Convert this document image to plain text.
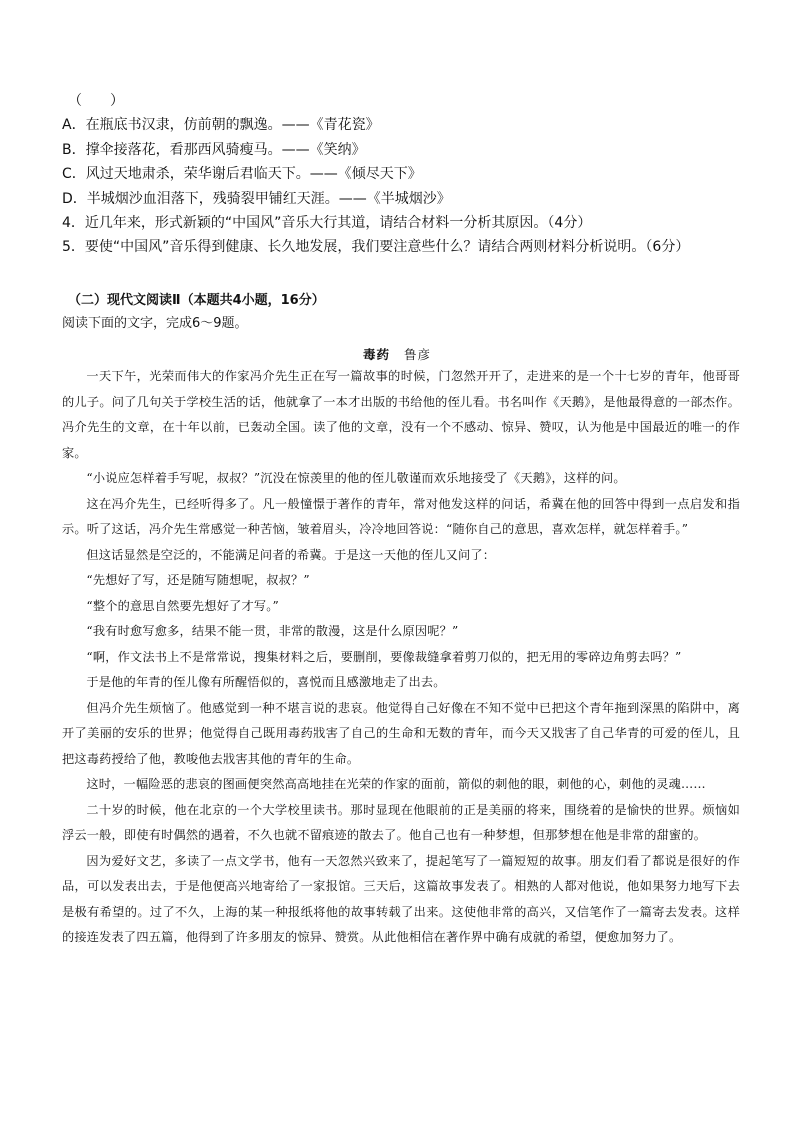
（　　）

A．在瓶底书汉隶，仿前朝的飘逸。——《青花瓷》

B．撑伞接落花，看那西风骑瘦马。——《笑纳》

C．风过天地肃杀，荣华谢后君临天下。——《倾尽天下》

D．半城烟沙血泪落下，残骑裂甲铺红天涯。——《半城烟沙》

4．近几年来，形式新颖的“中国风”音乐大行其道，请结合材料一分析其原因。（4分）

5．要使“中国风”音乐得到健康、长久地发展，我们要注意些什么？请结合两则材料分析说明。（6分）

（二）现代文阅读Ⅱ（本题共4小题，16分）

阅读下面的文字，完成6～9题。

毒药 鲁彦

一天下午，光荣而伟大的作家冯介先生正在写一篇故事的时候，门忽然开开了，走进来的是一个十七岁的青年，他哥哥的儿子。问了几句关于学校生活的话，他就拿了一本才出版的书给他的侄儿看。书名叫作《天鹅》，是他最得意的一部杰作。冯介先生的文章，在十年以前，已轰动全国。读了他的文章，没有一个不感动、惊异、赞叹，认为他是中国最近的唯一的作家。

“小说应怎样着手写呢，叔叔？”沉没在惊羡里的他的侄儿敬谨而欢乐地接受了《天鹅》，这样的问。

这在冯介先生，已经听得多了。凡一般憧憬于著作的青年，常对他发这样的问话，希冀在他的回答中得到一点启发和指示。听了这话，冯介先生常感觉一种苦恼，皱着眉头，冷冷地回答说：“随你自己的意思，喜欢怎样，就怎样着手。”

但这话显然是空泛的，不能满足问者的希冀。于是这一天他的侄儿又问了：

“先想好了写，还是随写随想呢，叔叔？”

“整个的意思自然要先想好了才写。”

“我有时愈写愈多，结果不能一贯，非常的散漫，这是什么原因呢？”

“啊，作文法书上不是常常说，搜集材料之后，要删削，要像裁缝拿着剪刀似的，把无用的零碎边角剪去吗？”

于是他的年青的侄儿像有所醒悟似的，喜悦而且感激地走了出去。

但冯介先生烦恼了。他感觉到一种不堪言说的悲哀。他觉得自己好像在不知不觉中已把这个青年拖到深黑的陷阱中，离开了美丽的安乐的世界；他觉得自己既用毒药戕害了自己的生命和无数的青年，而今天又戕害了自己华青的可爱的侄儿，且把这毒药授给了他，教唆他去戕害其他的青年的生命。

这时，一幅险恶的悲哀的图画便突然高高地挂在光荣的作家的面前，箭似的刺他的眼，刺他的心，刺他的灵魂……

二十岁的时候，他在北京的一个大学校里读书。那时显现在他眼前的正是美丽的将来，围绕着的是愉快的世界。烦恼如浮云一般，即使有时偶然的遇着，不久也就不留痕迹的散去了。他自己也有一种梦想，但那梦想在他是非常的甜蜜的。

因为爱好文艺，多读了一点文学书，他有一天忽然兴致来了，提起笔写了一篇短短的故事。朋友们看了都说是很好的作品，可以发表出去，于是他便高兴地寄给了一家报馆。三天后，这篇故事发表了。相熟的人都对他说，他如果努力地写下去是极有希望的。过了不久，上海的某一种报纸将他的故事转载了出来。这使他非常的高兴，又信笔作了一篇寄去发表。这样的接连发表了四五篇，他得到了许多朋友的惊异、赞赏。从此他相信在著作界中确有成就的希望，便愈加努力了。
